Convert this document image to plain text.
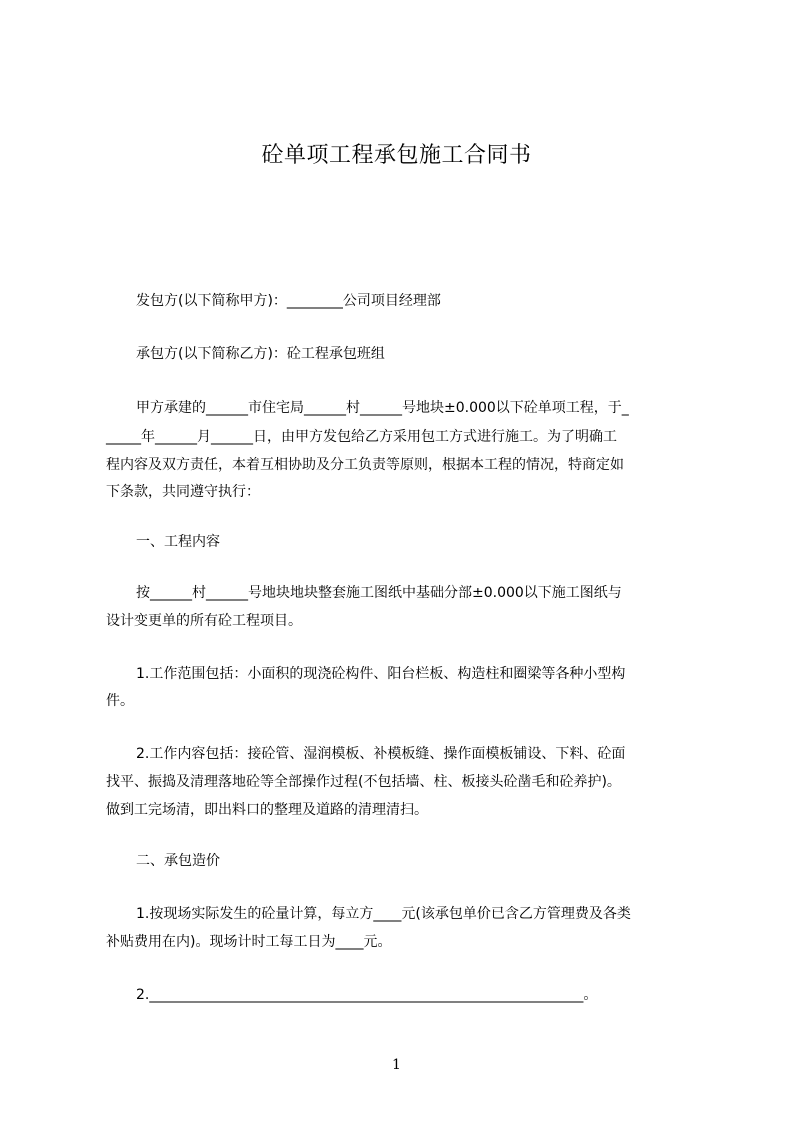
砼单项工程承包施工合同书
发包方(以下简称甲方)：________公司项目经理部
承包方(以下简称乙方)：砼工程承包班组
甲方承建的______市住宅局______村______号地块±0.000以下砼单项工程，于_
_____年______月______日，由甲方发包给乙方采用包工方式进行施工。为了明确工
程内容及双方责任，本着互相协助及分工负责等原则，根据本工程的情况，特商定如
下条款，共同遵守执行：
一、工程内容
按______村______号地块地块整套施工图纸中基础分部±0.000以下施工图纸与
设计变更单的所有砼工程项目。
1.工作范围包括：小面积的现浇砼构件、阳台栏板、构造柱和圈梁等各种小型构
件。
2.工作内容包括：接砼管、湿润模板、补模板缝、操作面模板铺设、下料、砼面
找平、振捣及清理落地砼等全部操作过程(不包括墙、柱、板接头砼凿毛和砼养护)。
做到工完场清，即出料口的整理及道路的清理清扫。
二、承包造价
1.按现场实际发生的砼量计算，每立方____元(该承包单价已含乙方管理费及各类
补贴费用在内)。现场计时工每工日为____元。
2.______________________________________________________________。
1
